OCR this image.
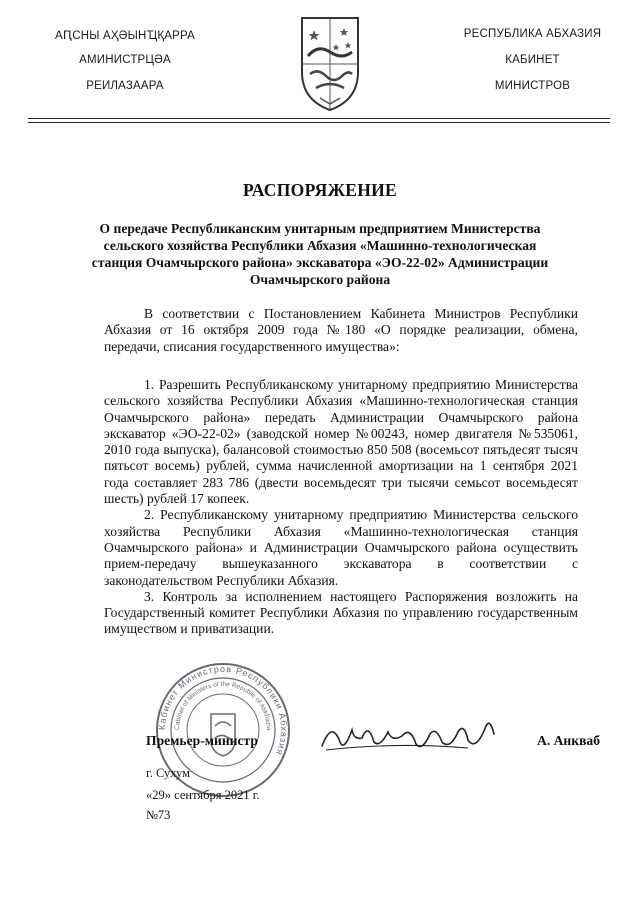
АԤСНЫ АҲӘЫНҴҚАРРА
АМИНИСТРЦӘА
РЕИЛАЗААРА
РЕСПУБЛИКА АБХАЗИЯ
КАБИНЕТ
МИНИСТРОВ
РАСПОРЯЖЕНИЕ
О передаче Республиканским унитарным предприятием Министерства сельского хозяйства Республики Абхазия «Машинно-технологическая станция Очамчырского района» экскаватора «ЭО-22-02» Администрации Очамчырского района

В соответствии с Постановлением Кабинета Министров Республики Абхазия от 16 октября 2009 года №180 «О порядке реализации, обмена, передачи, списания государственного имущества»:

1. Разрешить Республиканскому унитарному предприятию Министерства сельского хозяйства Республики Абхазия «Машинно-технологическая станция Очамчырского района» передать Администрации Очамчырского района экскаватор «ЭО-22-02» (заводской номер №00243, номер двигателя №535061, 2010 года выпуска), балансовой стоимостью 850 508 (восемьсот пятьдесят тысяч пятьсот восемь) рублей, сумма начисленной амортизации на 1 сентября 2021 года составляет 283 786 (двести восемьдесят три тысячи семьсот восемьдесят шесть) рублей 17 копеек.

2. Республиканскому унитарному предприятию Министерства сельского хозяйства Республики Абхазия «Машинно-технологическая станция Очамчырского района» и Администрации Очамчырского района осуществить прием-передачу вышеуказанного экскаватора в соответствии с законодательством Республики Абхазия.

3. Контроль за исполнением настоящего Распоряжения возложить на Государственный комитет Республики Абхазия по управлению государственным имуществом и приватизации.

Кабинет Министров Республики Абхазия
Cabinet of Ministers of the Republic of Abkhazia
Премьер-министр	А. Анкваб
г. Сухум
«29» сентября 2021 г.
№73
